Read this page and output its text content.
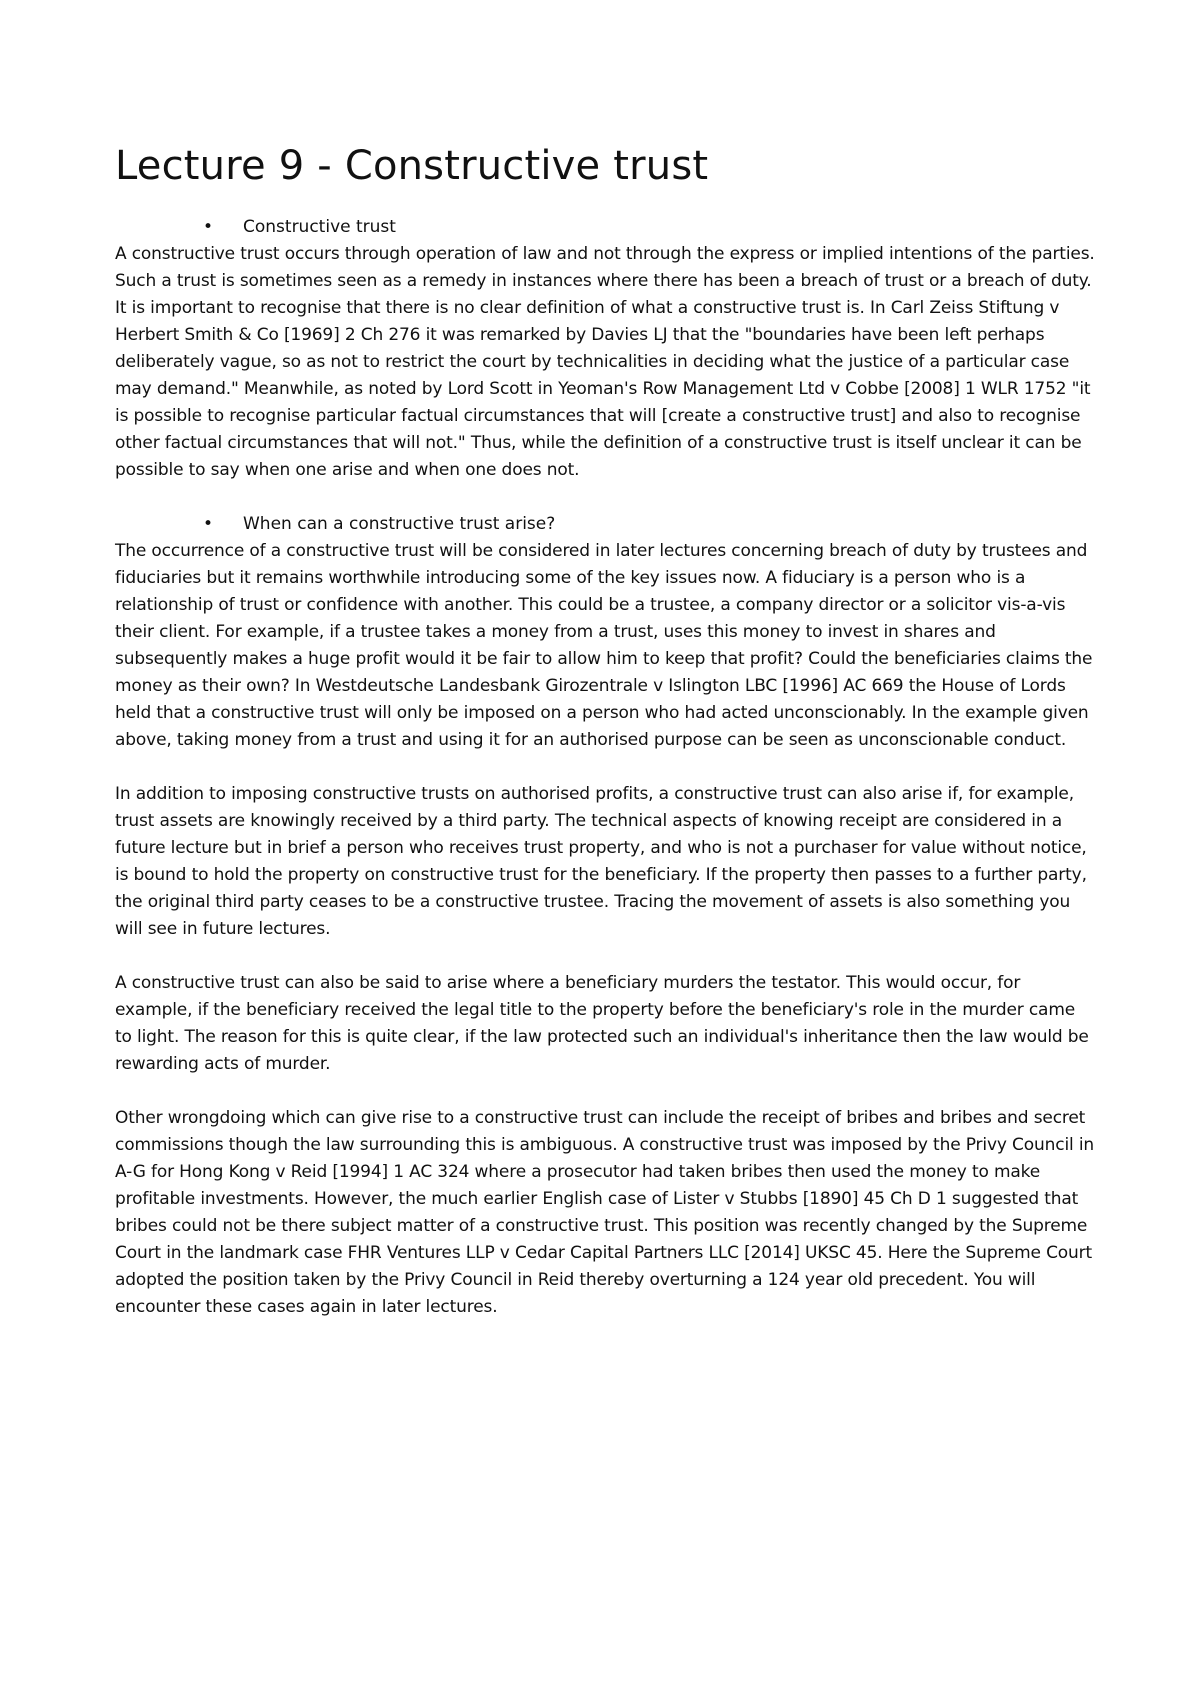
Lecture 9 - Constructive trust
• Constructive trust

A constructive trust occurs through operation of law and not through the express or implied intentions of the parties. Such a trust is sometimes seen as a remedy in instances where there has been a breach of trust or a breach of duty. It is important to recognise that there is no clear definition of what a constructive trust is. In Carl Zeiss Stiftung v Herbert Smith & Co [1969] 2 Ch 276 it was remarked by Davies LJ that the "boundaries have been left perhaps deliberately vague, so as not to restrict the court by technicalities in deciding what the justice of a particular case may demand." Meanwhile, as noted by Lord Scott in Yeoman's Row Management Ltd v Cobbe [2008] 1 WLR 1752 "it is possible to recognise particular factual circumstances that will [create a constructive trust] and also to recognise other factual circumstances that will not." Thus, while the definition of a constructive trust is itself unclear it can be possible to say when one arise and when one does not.

• When can a constructive trust arise?

The occurrence of a constructive trust will be considered in later lectures concerning breach of duty by trustees and fiduciaries but it remains worthwhile introducing some of the key issues now. A fiduciary is a person who is a relationship of trust or confidence with another. This could be a trustee, a company director or a solicitor vis-a-vis their client. For example, if a trustee takes a money from a trust, uses this money to invest in shares and subsequently makes a huge profit would it be fair to allow him to keep that profit? Could the beneficiaries claims the money as their own? In Westdeutsche Landesbank Girozentrale v Islington LBC [1996] AC 669 the House of Lords held that a constructive trust will only be imposed on a person who had acted unconscionably. In the example given above, taking money from a trust and using it for an authorised purpose can be seen as unconscionable conduct.

In addition to imposing constructive trusts on authorised profits, a constructive trust can also arise if, for example, trust assets are knowingly received by a third party. The technical aspects of knowing receipt are considered in a future lecture but in brief a person who receives trust property, and who is not a purchaser for value without notice, is bound to hold the property on constructive trust for the beneficiary. If the property then passes to a further party, the original third party ceases to be a constructive trustee. Tracing the movement of assets is also something you will see in future lectures.

A constructive trust can also be said to arise where a beneficiary murders the testator. This would occur, for example, if the beneficiary received the legal title to the property before the beneficiary's role in the murder came to light. The reason for this is quite clear, if the law protected such an individual's inheritance then the law would be rewarding acts of murder.

Other wrongdoing which can give rise to a constructive trust can include the receipt of bribes and bribes and secret commissions though the law surrounding this is ambiguous. A constructive trust was imposed by the Privy Council in A-G for Hong Kong v Reid [1994] 1 AC 324 where a prosecutor had taken bribes then used the money to make profitable investments. However, the much earlier English case of Lister v Stubbs [1890] 45 Ch D 1 suggested that bribes could not be there subject matter of a constructive trust. This position was recently changed by the Supreme Court in the landmark case FHR Ventures LLP v Cedar Capital Partners LLC [2014] UKSC 45. Here the Supreme Court adopted the position taken by the Privy Council in Reid thereby overturning a 124 year old precedent. You will encounter these cases again in later lectures.
